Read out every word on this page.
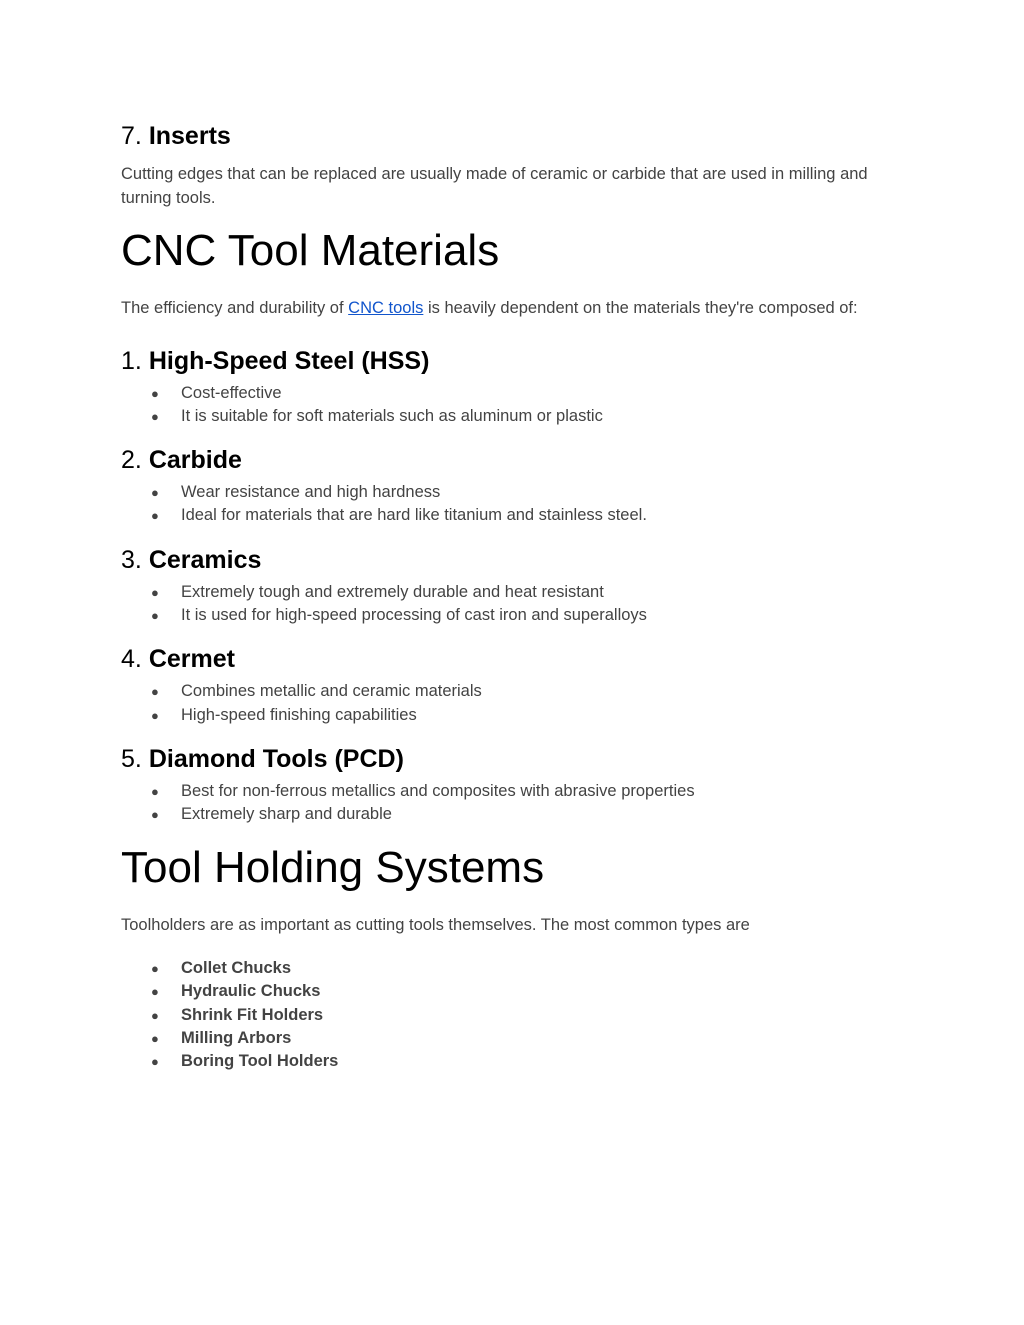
7. Inserts

Cutting edges that can be replaced are usually made of ceramic or carbide that are used in milling and turning tools.

CNC Tool Materials

The efficiency and durability of CNC tools is heavily dependent on the materials they're composed of:

1. High-Speed Steel (HSS)
● Cost-effective
● It is suitable for soft materials such as aluminum or plastic
2. Carbide
● Wear resistance and high hardness
● Ideal for materials that are hard like titanium and stainless steel.
3. Ceramics
● Extremely tough and extremely durable and heat resistant
● It is used for high-speed processing of cast iron and superalloys
4. Cermet
● Combines metallic and ceramic materials
● High-speed finishing capabilities
5. Diamond Tools (PCD)
● Best for non-ferrous metallics and composites with abrasive properties
● Extremely sharp and durable
Tool Holding Systems

Toolholders are as important as cutting tools themselves. The most common types are

● Collet Chucks
● Hydraulic Chucks
● Shrink Fit Holders
● Milling Arbors
● Boring Tool Holders
